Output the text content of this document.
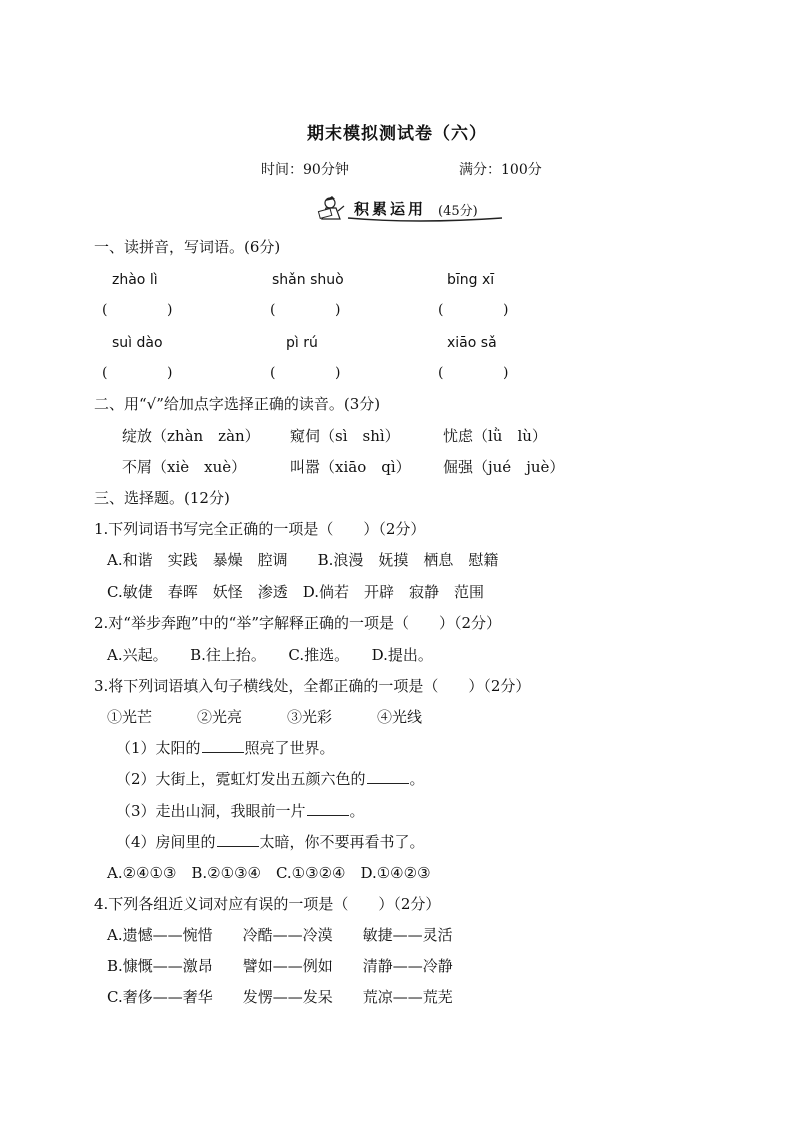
期末模拟测试卷（六）
时间：90分钟	满分：100分
积累运用 (45分)
一、读拼音，写词语。(6分)
zhào lì	shǎn shuò	bīng xī
(	)	(	)	(	)
suì dào	pì rú	xiāo sǎ
(	)	(	)	(	)
二、用“√”给加点字选择正确的读音。(3分)
绽放（zhàn　zàn） 窥伺（sì　shì）	忧虑（lǜ　lù）
不屑（xiè　xuè）	叫嚣（xiāo　qì） 倔强（jué　juè）
三、选择题。(12分)
1.下列词语书写完全正确的一项是（　　）（2分）
A.和谐　实践　暴燥　腔调　　B.浪漫　妩摸　栖息　慰籍
C.敏倢　春晖　妖怪　渗透　D.倘若　开辟　寂静　范围
2.对“举步奔跑”中的“举”字解释正确的一项是（　　）（2分）
A.兴起。　　B.往上抬。　　C.推选。　　D.提出。
3.将下列词语填入句子横线处，全都正确的一项是（　　）（2分）
①光芒　　　②光亮　　　③光彩　　　④光线
（1）太阳的	照亮了世界。
（2）大街上，霓虹灯发出五颜六色的	。
（3）走出山洞，我眼前一片	。
（4）房间里的	太暗，你不要再看书了。
A.②④①③　B.②①③④　C.①③②④　D.①④②③
4.下列各组近义词对应有误的一项是（　　）（2分）
A.遗憾——惋惜　　冷酷——冷漠　　敏捷——灵活
B.慷慨——激昂　　譬如——例如　　清静——冷静
C.奢侈——奢华　　发愣——发呆　　荒凉——荒芜
